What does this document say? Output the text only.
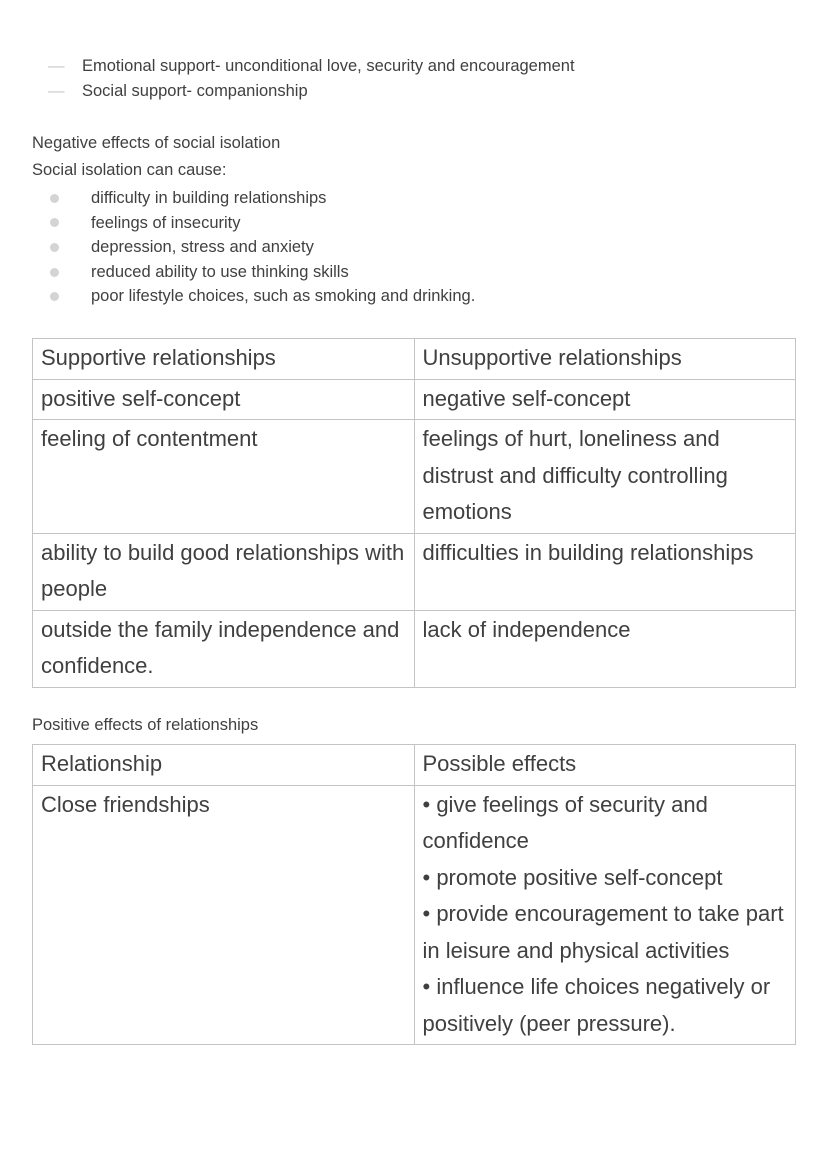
—	Emotional support- unconditional love, security and encouragement
—	Social support- companionship
Negative effects of social isolation
Social isolation can cause:
difficulty in building relationships
feelings of insecurity
depression, stress and anxiety
reduced ability to use thinking skills
poor lifestyle choices, such as smoking and drinking.
Supportive relationships	Unsupportive relationships
positive self-concept	negative self-concept
feeling of contentment	feelings of hurt, loneliness and distrust and difficulty controlling emotions
ability to build good relationships with people	difficulties in building relationships
outside the family independence and confidence.	lack of independence
Positive effects of relationships
Relationship	Possible effects
Close friendships	• give feelings of security and confidence
• promote positive self-concept
• provide encouragement to take part in leisure and physical activities
• influence life choices negatively or positively (peer pressure).
